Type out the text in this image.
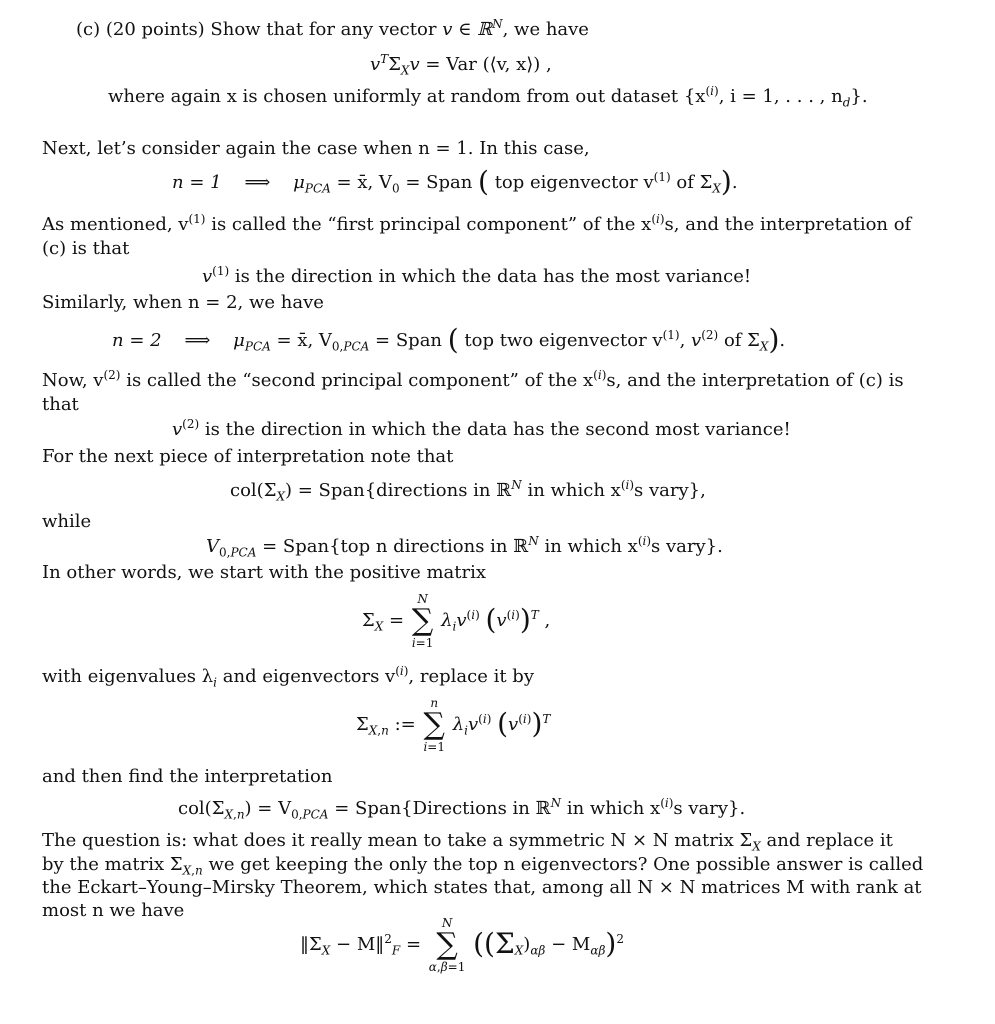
(c) (20 points) Show that for any vector v ∈ ℝ$^N$, we have
$v^T\Sigma_Xv$ = Var (⟨v, x⟩) ,
where again x is chosen uniformly at random from out dataset {$x^{(i)}$, i = 1, . . . , $n_d$}.
Next, let’s consider again the case when n = 1. In this case,
n = 1 ⟹ $\mu_{PCA}$ = x̄, $V_0$ = Span ( top eigenvector $v^{(1)}$ of $\Sigma_X$).
As mentioned, $v^{(1)}$ is called the “first principal component” of the $x^{(i)}s$, and the interpretation of
(c) is that
$v^{(1)}$ is the direction in which the data has the most variance!
Similarly, when n = 2, we have
n = 2 ⟹ $\mu_{PCA}$ = x̄, $V_{0,PCA}$ = Span ( top two eigenvector $v^{(1)}$, $v^{(2)}$ of $\Sigma_X$).
Now, $v^{(2)}$ is called the “second principal component” of the $x^{(i)}s$, and the interpretation of (c) is
that
$v^{(2)}$ is the direction in which the data has the second most variance!
For the next piece of interpretation note that
$col(\Sigma_X)$ = Span{directions in ℝ$^N$ in which $x^{(i)}s$ vary},
while
$V_{0,PCA}$ = Span{top n directions in ℝ$^N$ in which $x^{(i)}s$ vary}.
In other words, we start with the positive matrix
$\Sigma_X$ =
N
∑
i=1
$\lambda_iv^{(i)}$ $(v^{(i)})^T$ ,
with eigenvalues $\lambda_i$ and eigenvectors $v^{(i)}$, replace it by
$\Sigma_{X,n}$ :=
n
∑
i=1
$\lambda_iv^{(i)}$ $(v^{(i)})^T$
and then find the interpretation
$col(\Sigma_{X,n}) = V_{0,PCA}$ = Span{Directions in ℝ$^N$ in which $x^{(i)}s$ vary}.
The question is: what does it really mean to take a symmetric N × N matrix $\Sigma_X$ and replace it
by the matrix $\Sigma_{X,n}$ we get keeping the only the top n eigenvectors? One possible answer is called
the Eckart–Young–Mirsky Theorem, which states that, among all N × N matrices M with rank at
most n we have
$‖\Sigma_X$ − M‖$^2_F$ =
N
∑
α,β=1
$((\Sigma_X)_{\alpha\beta} - M_{\alpha\beta})^2$
